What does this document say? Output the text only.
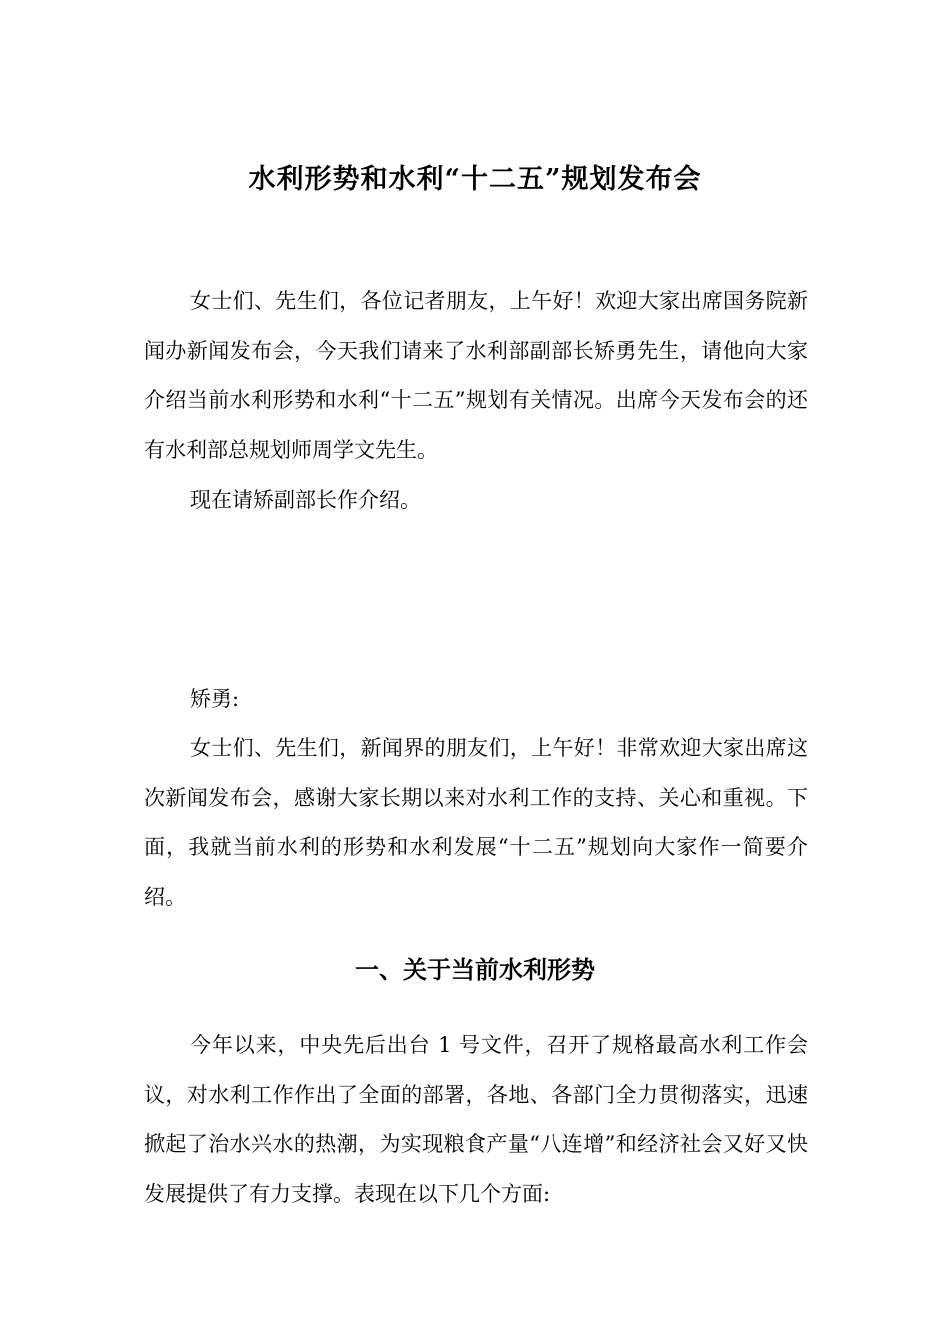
水利形势和水利“十二五”规划发布会

女士们、先生们，各位记者朋友，上午好！欢迎大家出席国务院新闻办新闻发布会，今天我们请来了水利部副部长矫勇先生，请他向大家介绍当前水利形势和水利“十二五”规划有关情况。出席今天发布会的还有水利部总规划师周学文先生。

现在请矫副部长作介绍。

矫勇:

女士们、先生们，新闻界的朋友们，上午好！非常欢迎大家出席这次新闻发布会，感谢大家长期以来对水利工作的支持、关心和重视。下面，我就当前水利的形势和水利发展“十二五”规划向大家作一简要介绍。

一、关于当前水利形势

今年以来，中央先后出台 1 号文件，召开了规格最高水利工作会议，对水利工作作出了全面的部署，各地、各部门全力贯彻落实，迅速掀起了治水兴水的热潮，为实现粮食产量“八连增”和经济社会又好又快发展提供了有力支撑。表现在以下几个方面:
